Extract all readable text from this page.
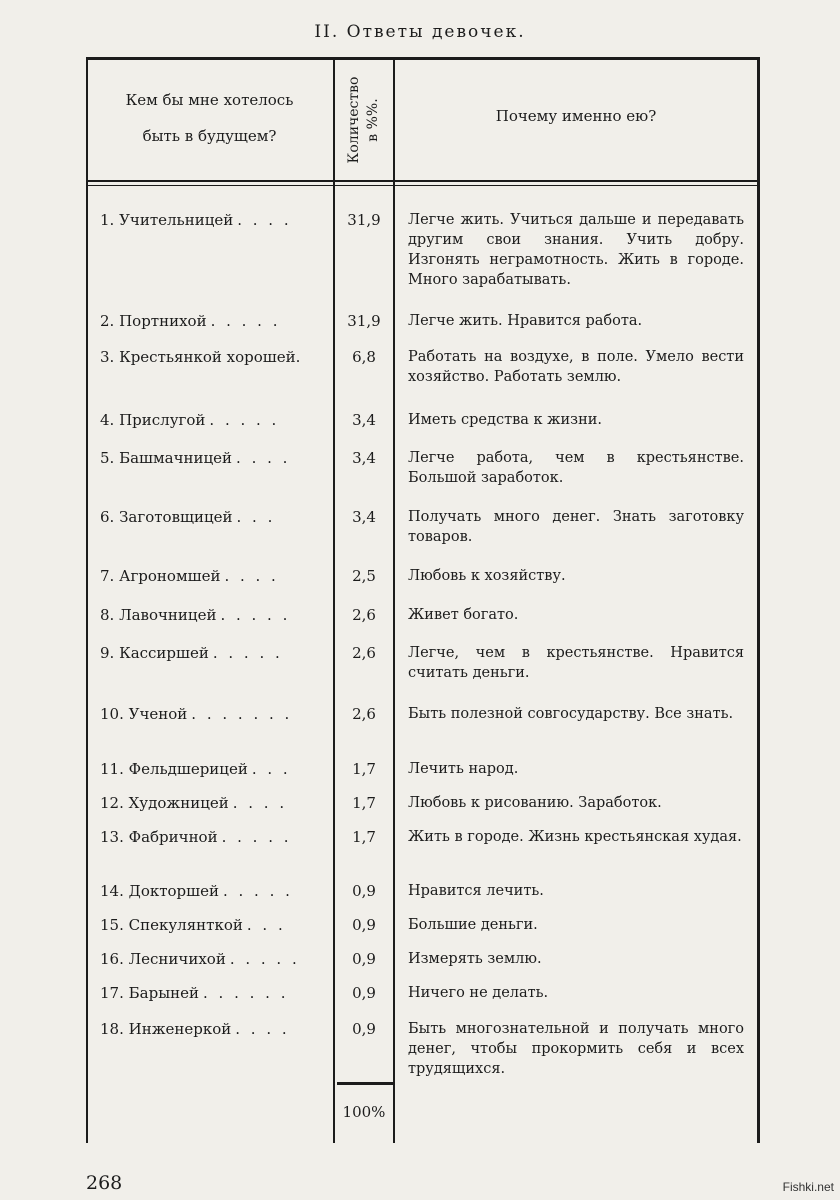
II. Ответы девочек.
Кем бы мне хотелось быть в будущем?	Количество в %%.	Почему именно ею?
1. Учительницей . . . .	31,9	Легче жить. Учиться дальше и передавать другим свои знания. Учить добру. Изгонять неграмотность. Жить в городе. Много зарабатывать.
2. Портнихой . . . . .	31,9	Легче жить. Нравится работа.
3. Крестьянкой хорошей.	6,8	Работать на воздухе, в поле. Умело вести хозяйство. Работать землю.
4. Прислугой . . . . .	3,4	Иметь средства к жизни.
5. Башмачницей . . . .	3,4	Легче работа, чем в крестьянстве. Большой заработок.
6. Заготовщицей . . .	3,4	Получать много денег. Знать заготовку товаров.
7. Агрономшей . . . .	2,5	Любовь к хозяйству.
8. Лавочницей . . . . .	2,6	Живет богато.
9. Кассиршей . . . . .	2,6	Легче, чем в крестьянстве. Нравится считать деньги.
10. Ученой . . . . . . .	2,6	Быть полезной совгосударству. Все знать.
11. Фельдшерицей . . .	1,7	Лечить народ.
12. Художницей . . . .	1,7	Любовь к рисованию. Заработок.
13. Фабричной . . . . .	1,7	Жить в городе. Жизнь крестьянская худая.
14. Докторшей . . . . .	0,9	Нравится лечить.
15. Спекулянткой . . .	0,9	Большие деньги.
16. Лесничихой . . . . .	0,9	Измерять землю.
17. Барыней . . . . . .	0,9	Ничего не делать.
18. Инженеркой . . . .	0,9	Быть многознательной и получать много денег, чтобы прокормить себя и всех трудящихся.
100%
268	Fishki.net
